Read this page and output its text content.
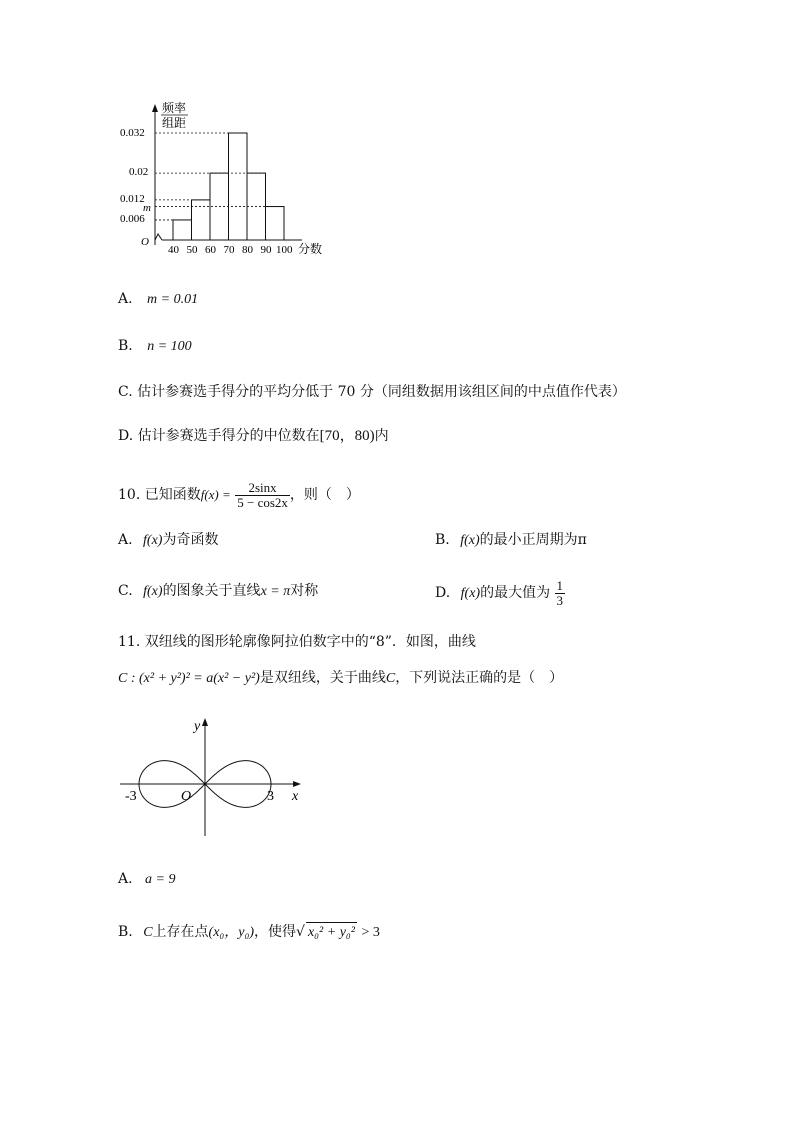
频率
组距
0.032
0.02
0.012
m
0.006
O
40 50 60 70 80 90 100 分数
A. m = 0.01
B. n = 100
C. 估计参赛选手得分的平均分低于 70 分（同组数据用该组区间的中点值作代表）
D. 估计参赛选手得分的中位数在[70，80)内
10. 已知函数$f(x) = \frac{2\sin x}{5 - \cos 2x}$ ，则（　）
A. f(x)为奇函数	B. f(x)的最小正周期为π
C. f(x)的图象关于直线x = π对称	D. f(x)的最大值为 $\frac{1}{3}$
11. 双纽线的图形轮廓像阿拉伯数字中的“8”．如图，曲线
C : (x² + y²)² = a(x² − y²)是双纽线，关于曲线C，下列说法正确的是（　）
y
x
O
-3	3
A. a = 9
B. C上存在点(x₀，y₀)，使得√ x₀² + y₀² > 3
